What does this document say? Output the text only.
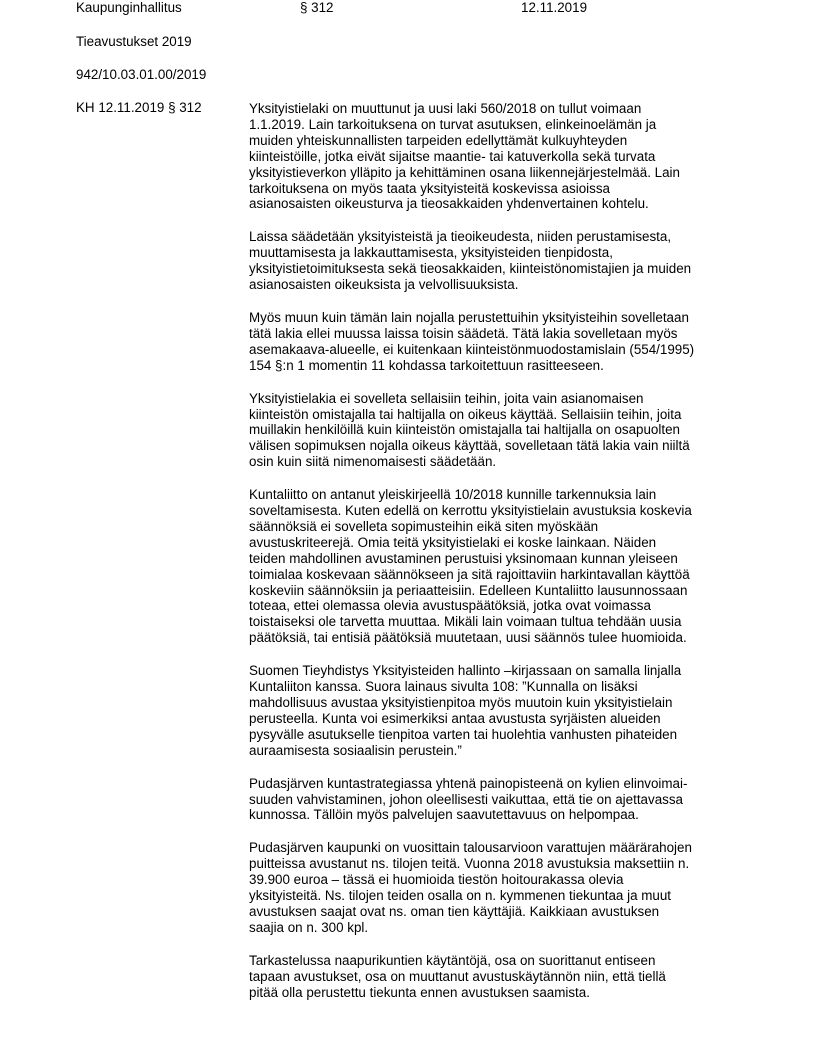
Kaupunginhallitus	§ 312	12.11.2019
Tieavustukset 2019
942/10.03.01.00/2019
KH 12.11.2019 § 312	Yksityistielaki on muuttunut ja uusi laki 560/2018 on tullut voimaan
1.1.2019. Lain tarkoituksena on turvat asutuksen, elinkeinoelämän ja
muiden yhteiskunnallisten tarpeiden edellyttämät kulkuyhteyden
kiinteistöille, jotka eivät sijaitse maantie- tai katuverkolla sekä turvata
yksityistieverkon ylläpito ja kehittäminen osana liikennejärjestelmää. Lain
tarkoituksena on myös taata yksityisteitä koskevissa asioissa
asianosaisten oikeusturva ja tieosakkaiden yhdenvertainen kohtelu.
Laissa säädetään yksityisteistä ja tieoikeudesta, niiden perustamisesta,
muuttamisesta ja lakkauttamisesta, yksityisteiden tienpidosta,
yksityistietoimituksesta sekä tieosakkaiden, kiinteistönomistajien ja muiden
asianosaisten oikeuksista ja velvollisuuksista.
Myös muun kuin tämän lain nojalla perustettuihin yksityisteihin sovelletaan
tätä lakia ellei muussa laissa toisin säädetä. Tätä lakia sovelletaan myös
asemakaava-alueelle, ei kuitenkaan kiinteistönmuodostamislain (554/1995)
154 §:n 1 momentin 11 kohdassa tarkoitettuun rasitteeseen.
Yksityistielakia ei sovelleta sellaisiin teihin, joita vain asianomaisen
kiinteistön omistajalla tai haltijalla on oikeus käyttää. Sellaisiin teihin, joita
muillakin henkilöillä kuin kiinteistön omistajalla tai haltijalla on osapuolten
välisen sopimuksen nojalla oikeus käyttää, sovelletaan tätä lakia vain niiltä
osin kuin siitä nimenomaisesti säädetään.
Kuntaliitto on antanut yleiskirjeellä 10/2018 kunnille tarkennuksia lain
soveltamisesta. Kuten edellä on kerrottu yksityistielain avustuksia koskevia
säännöksiä ei sovelleta sopimusteihin eikä siten myöskään
avustuskriteerejä. Omia teitä yksityistielaki ei koske lainkaan. Näiden
teiden mahdollinen avustaminen perustuisi yksinomaan kunnan yleiseen
toimialaa koskevaan säännökseen ja sitä rajoittaviin harkintavallan käyttöä
koskeviin säännöksiin ja periaatteisiin. Edelleen Kuntaliitto lausunnossaan
toteaa, ettei olemassa olevia avustuspäätöksiä, jotka ovat voimassa
toistaiseksi ole tarvetta muuttaa. Mikäli lain voimaan tultua tehdään uusia
päätöksiä, tai entisiä päätöksiä muutetaan, uusi säännös tulee huomioida.
Suomen Tieyhdistys Yksityisteiden hallinto –kirjassaan on samalla linjalla
Kuntaliiton kanssa. Suora lainaus sivulta 108: ”Kunnalla on lisäksi
mahdollisuus avustaa yksityistienpitoa myös muutoin kuin yksityistielain
perusteella. Kunta voi esimerkiksi antaa avustusta syrjäisten alueiden
pysyvälle asutukselle tienpitoa varten tai huolehtia vanhusten pihateiden
auraamisesta sosiaalisin perustein.”
Pudasjärven kuntastrategiassa yhtenä painopisteenä on kylien elinvoimai-
suuden vahvistaminen, johon oleellisesti vaikuttaa, että tie on ajettavassa
kunnossa. Tällöin myös palvelujen saavutettavuus on helpompaa.
Pudasjärven kaupunki on vuosittain talousarvioon varattujen määrärahojen
puitteissa avustanut ns. tilojen teitä. Vuonna 2018 avustuksia maksettiin n.
39.900 euroa – tässä ei huomioida tiestön hoitourakassa olevia
yksityisteitä. Ns. tilojen teiden osalla on n. kymmenen tiekuntaa ja muut
avustuksen saajat ovat ns. oman tien käyttäjiä. Kaikkiaan avustuksen
saajia on n. 300 kpl.
Tarkastelussa naapurikuntien käytäntöjä, osa on suorittanut entiseen
tapaan avustukset, osa on muuttanut avustuskäytännön niin, että tiellä
pitää olla perustettu tiekunta ennen avustuksen saamista.
